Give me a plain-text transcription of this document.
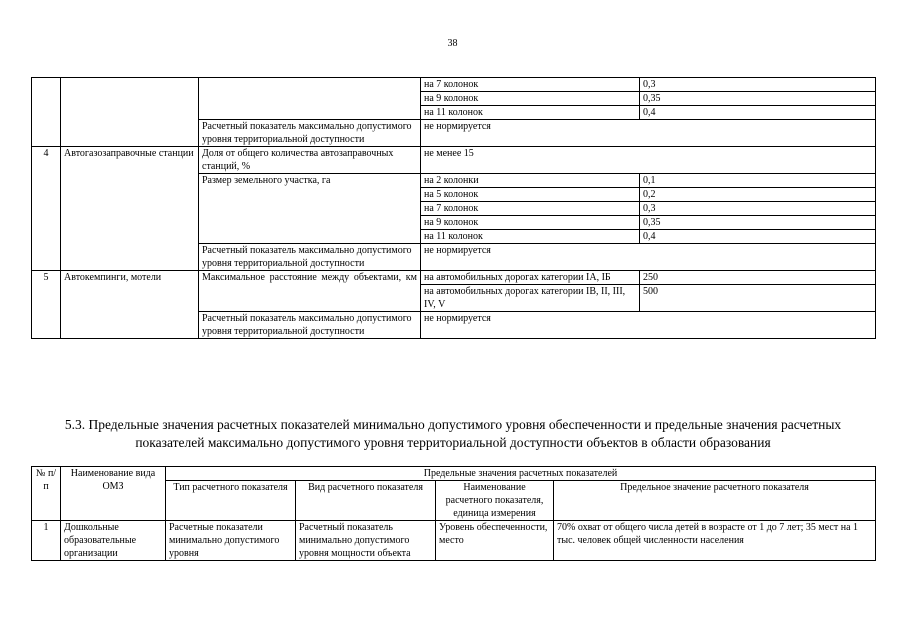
38
			на 7 колонок	0,3
			на 9 колонок	0,35
			на 11 колонок	0,4
		Расчетный показатель максимально допустимого уровня территориальной доступности	не нормируется	
4	Автогазозаправочные станции	Доля от общего количества автозаправочных станций, %	не менее 15	
		Размер земельного участка, га	на 2 колонки	0,1
			на 5 колонок	0,2
			на 7 колонок	0,3
			на 9 колонок	0,35
			на 11 колонок	0,4
		Расчетный показатель максимально допустимого уровня территориальной доступности	не нормируется	
5	Автокемпинги, мотели	Максимальное расстояние между объектами, км	на автомобильных дорогах категории IA, IБ	250
			на автомобильных дорогах категории IB, II, III, IV, V	500
		Расчетный показатель максимально допустимого уровня территориальной доступности	не нормируется	
5.3. Предельные значения расчетных показателей минимально допустимого уровня обеспеченности и предельные значения расчетных показателей максимально допустимого уровня территориальной доступности объектов в области образования
№ п/п	Наименование вида ОМЗ	Предельные значения расчетных показателей			
		Тип расчетного показателя	Вид расчетного показателя	Наименование расчетного показателя, единица измерения	Предельное значение расчетного показателя
1	Дошкольные образовательные организации	Расчетные показатели минимально допустимого уровня	Расчетный показатель минимально допустимого уровня мощности объекта	Уровень обеспеченности, место	70% охват от общего числа детей в возрасте от 1 до 7 лет; 35 мест на 1 тыс. человек общей численности населения
